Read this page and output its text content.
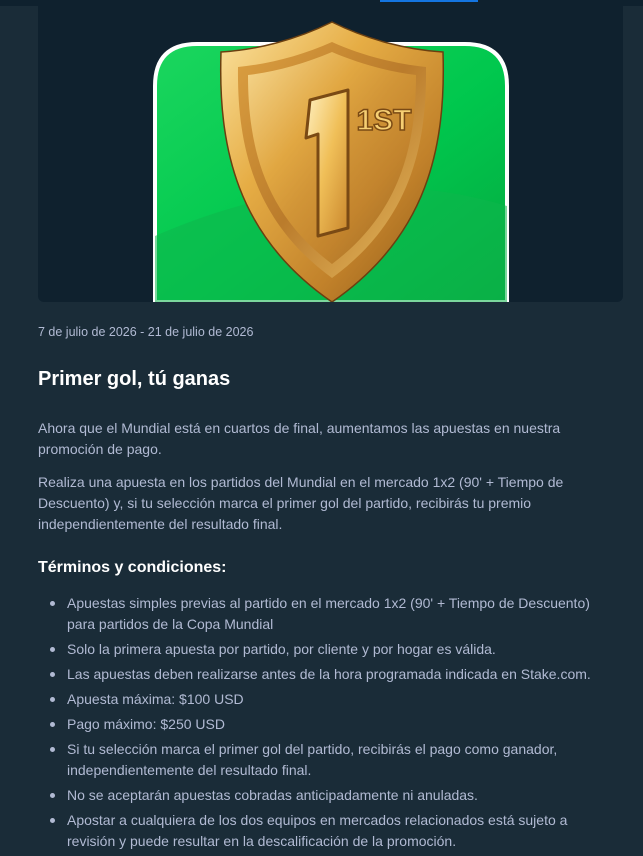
1ST
7 de julio de 2026 - 21 de julio de 2026
Primer gol, tú ganas

Ahora que el Mundial está en cuartos de final, aumentamos las apuestas en nuestra promoción de pago.

Realiza una apuesta en los partidos del Mundial en el mercado 1x2 (90' + Tiempo de Descuento) y, si tu selección marca el primer gol del partido, recibirás tu premio independientemente del resultado final.

Términos y condiciones:
Apuestas simples previas al partido en el mercado 1x2 (90' + Tiempo de Descuento) para partidos de la Copa Mundial
Solo la primera apuesta por partido, por cliente y por hogar es válida.
Las apuestas deben realizarse antes de la hora programada indicada en Stake.com.
Apuesta máxima: $100 USD
Pago máximo: $250 USD
Si tu selección marca el primer gol del partido, recibirás el pago como ganador, independientemente del resultado final.
No se aceptarán apuestas cobradas anticipadamente ni anuladas.
Apostar a cualquiera de los dos equipos en mercados relacionados está sujeto a revisión y puede resultar en la descalificación de la promoción.
